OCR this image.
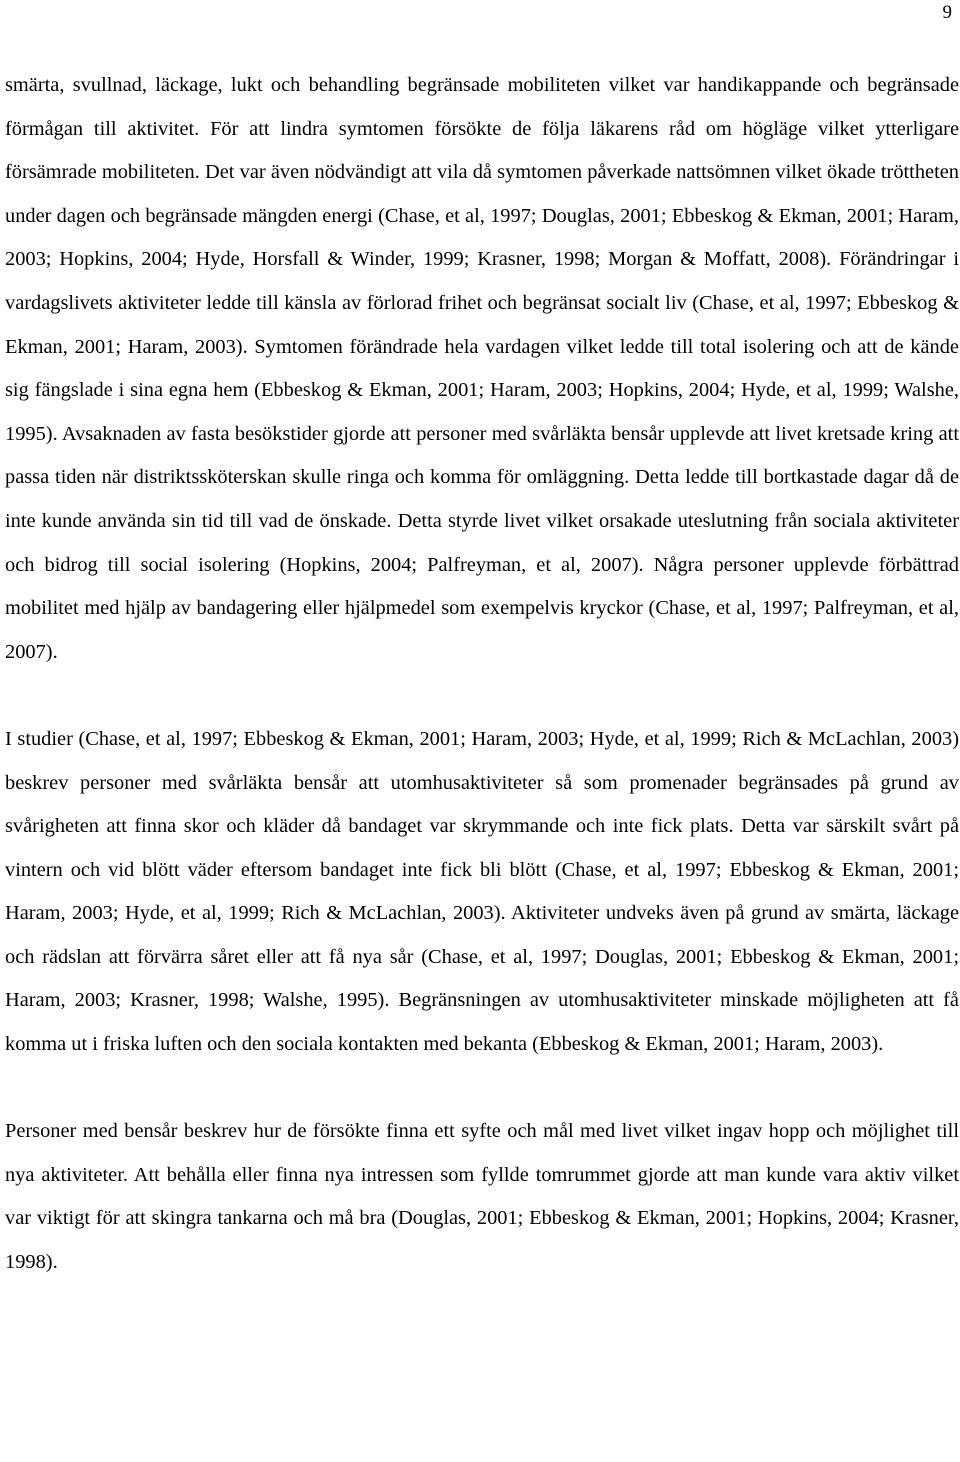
9

smärta, svullnad, läckage, lukt och behandling begränsade mobiliteten vilket var handikappande och begränsade förmågan till aktivitet. För att lindra symtomen försökte de följa läkarens råd om högläge vilket ytterligare försämrade mobiliteten. Det var även nödvändigt att vila då symtomen påverkade nattsömnen vilket ökade tröttheten under dagen och begränsade mängden energi (Chase, et al, 1997; Douglas, 2001; Ebbeskog & Ekman, 2001; Haram, 2003; Hopkins, 2004; Hyde, Horsfall & Winder, 1999; Krasner, 1998; Morgan & Moffatt, 2008). Förändringar i vardagslivets aktiviteter ledde till känsla av förlorad frihet och begränsat socialt liv (Chase, et al, 1997; Ebbeskog & Ekman, 2001; Haram, 2003). Symtomen förändrade hela vardagen vilket ledde till total isolering och att de kände sig fängslade i sina egna hem (Ebbeskog & Ekman, 2001; Haram, 2003; Hopkins, 2004; Hyde, et al, 1999; Walshe, 1995). Avsaknaden av fasta besökstider gjorde att personer med svårläkta bensår upplevde att livet kretsade kring att passa tiden när distriktssköterskan skulle ringa och komma för omläggning. Detta ledde till bortkastade dagar då de inte kunde använda sin tid till vad de önskade. Detta styrde livet vilket orsakade uteslutning från sociala aktiviteter och bidrog till social isolering (Hopkins, 2004; Palfreyman, et al, 2007). Några personer upplevde förbättrad mobilitet med hjälp av bandagering eller hjälpmedel som exempelvis kryckor (Chase, et al, 1997; Palfreyman, et al, 2007).

I studier (Chase, et al, 1997; Ebbeskog & Ekman, 2001; Haram, 2003; Hyde, et al, 1999; Rich & McLachlan, 2003) beskrev personer med svårläkta bensår att utomhusaktiviteter så som promenader begränsades på grund av svårigheten att finna skor och kläder då bandaget var skrymmande och inte fick plats. Detta var särskilt svårt på vintern och vid blött väder eftersom bandaget inte fick bli blött (Chase, et al, 1997; Ebbeskog & Ekman, 2001; Haram, 2003; Hyde, et al, 1999; Rich & McLachlan, 2003). Aktiviteter undveks även på grund av smärta, läckage och rädslan att förvärra såret eller att få nya sår (Chase, et al, 1997; Douglas, 2001; Ebbeskog & Ekman, 2001; Haram, 2003; Krasner, 1998; Walshe, 1995). Begränsningen av utomhusaktiviteter minskade möjligheten att få komma ut i friska luften och den sociala kontakten med bekanta (Ebbeskog & Ekman, 2001; Haram, 2003).

Personer med bensår beskrev hur de försökte finna ett syfte och mål med livet vilket ingav hopp och möjlighet till nya aktiviteter. Att behålla eller finna nya intressen som fyllde tomrummet gjorde att man kunde vara aktiv vilket var viktigt för att skingra tankarna och må bra (Douglas, 2001; Ebbeskog & Ekman, 2001; Hopkins, 2004; Krasner, 1998).
